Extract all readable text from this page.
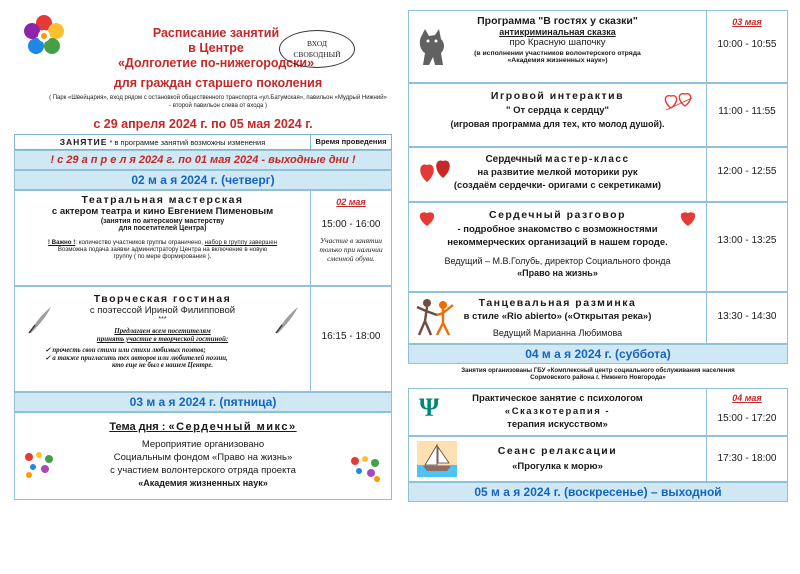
Расписание занятий
в Центре
«Долголетие по-нижегородски»
ВХОД
СВОБОДНЫЙ
для граждан старшего поколения
( Парк «Швейцария», вход рядом с остановкой общественного транспорта «ул.Батумская», павильон «Мудрый Нижний» - второй павильон слева от входа )
с 29 апреля 2024 г. по 05 мая 2024 г.
ЗАНЯТИЕ * в программе занятий возможны изменения	Время проведения
! с 29 а п р е л я 2024 г. по 01 мая 2024 - выходные дни !
02 м а я 2024 г. (четверг)
Театральная мастерская
с актером театра и кино Евгением Пименовым
(занятия по актерскому мастерству
для посетителей Центра)
! Важно !: количество участников группы ограничено, набор в группу завершен
Возможна подача заявки администратору Центра на включение в новую
группу ( по мере формирования ).
02 мая
15:00 - 16:00
Участие в занятии только при наличии сменной обуви.
Творческая гостиная
с поэтессой Ириной Филипповой
***
Предлагаем всем посетителям
принять участие в творческой гостиной:
✓ прочесть свои стихи или стихи любимых поэтов;
✓ а также пригласить тех авторов или любителей поэзии,
кто еще не был в нашем Центре.
16:15 - 18:00
03 м а я 2024 г. (пятница)
Тема дня : «Сердечный микс»
Мероприятие организовано
Социальным фондом «Право на жизнь»
с участием волонтерского отряда проекта
«Академия жизненных наук»
Программа "В гостях у сказки"
антикриминальная сказка
про Красную шапочку
(в исполнении участников волонтерского отряда
«Академия жизненных наук»)
03 мая
10:00 - 10:55
Игровой интерактив
" От сердца к сердцу"
(игровая программа для тех, кто молод душой).
11:00 - 11:55
Сердечный мастер-класс
на развитие мелкой моторики рук
(создаём сердечки- оригами с секретиками)
12:00 - 12:55
Сердечный разговор
- подробное знакомство с возможностями
некоммерческих организаций в нашем городе.
Ведущий – М.В.Голубь, директор Социального фонда
«Право на жизнь»
13:00 - 13:25
Танцевальная разминка
в стиле «Rio abierto» («Открытая река»)
Ведущий Марианна Любимова
13:30 - 14:30
04 м а я 2024 г. (суббота)
Занятия организованы ГБУ «Комплексный центр социального обслуживания населения
Сормовского района г. Нижнего Новгорода»
Ψ	Практическое занятие с психологом
«Сказкотерапия -
терапия искусством»
04 мая
15:00 - 17:20
Сеанс релаксации
«Прогулка к морю»
17:30 - 18:00
05 м а я 2024 г. (воскресенье) – выходной
